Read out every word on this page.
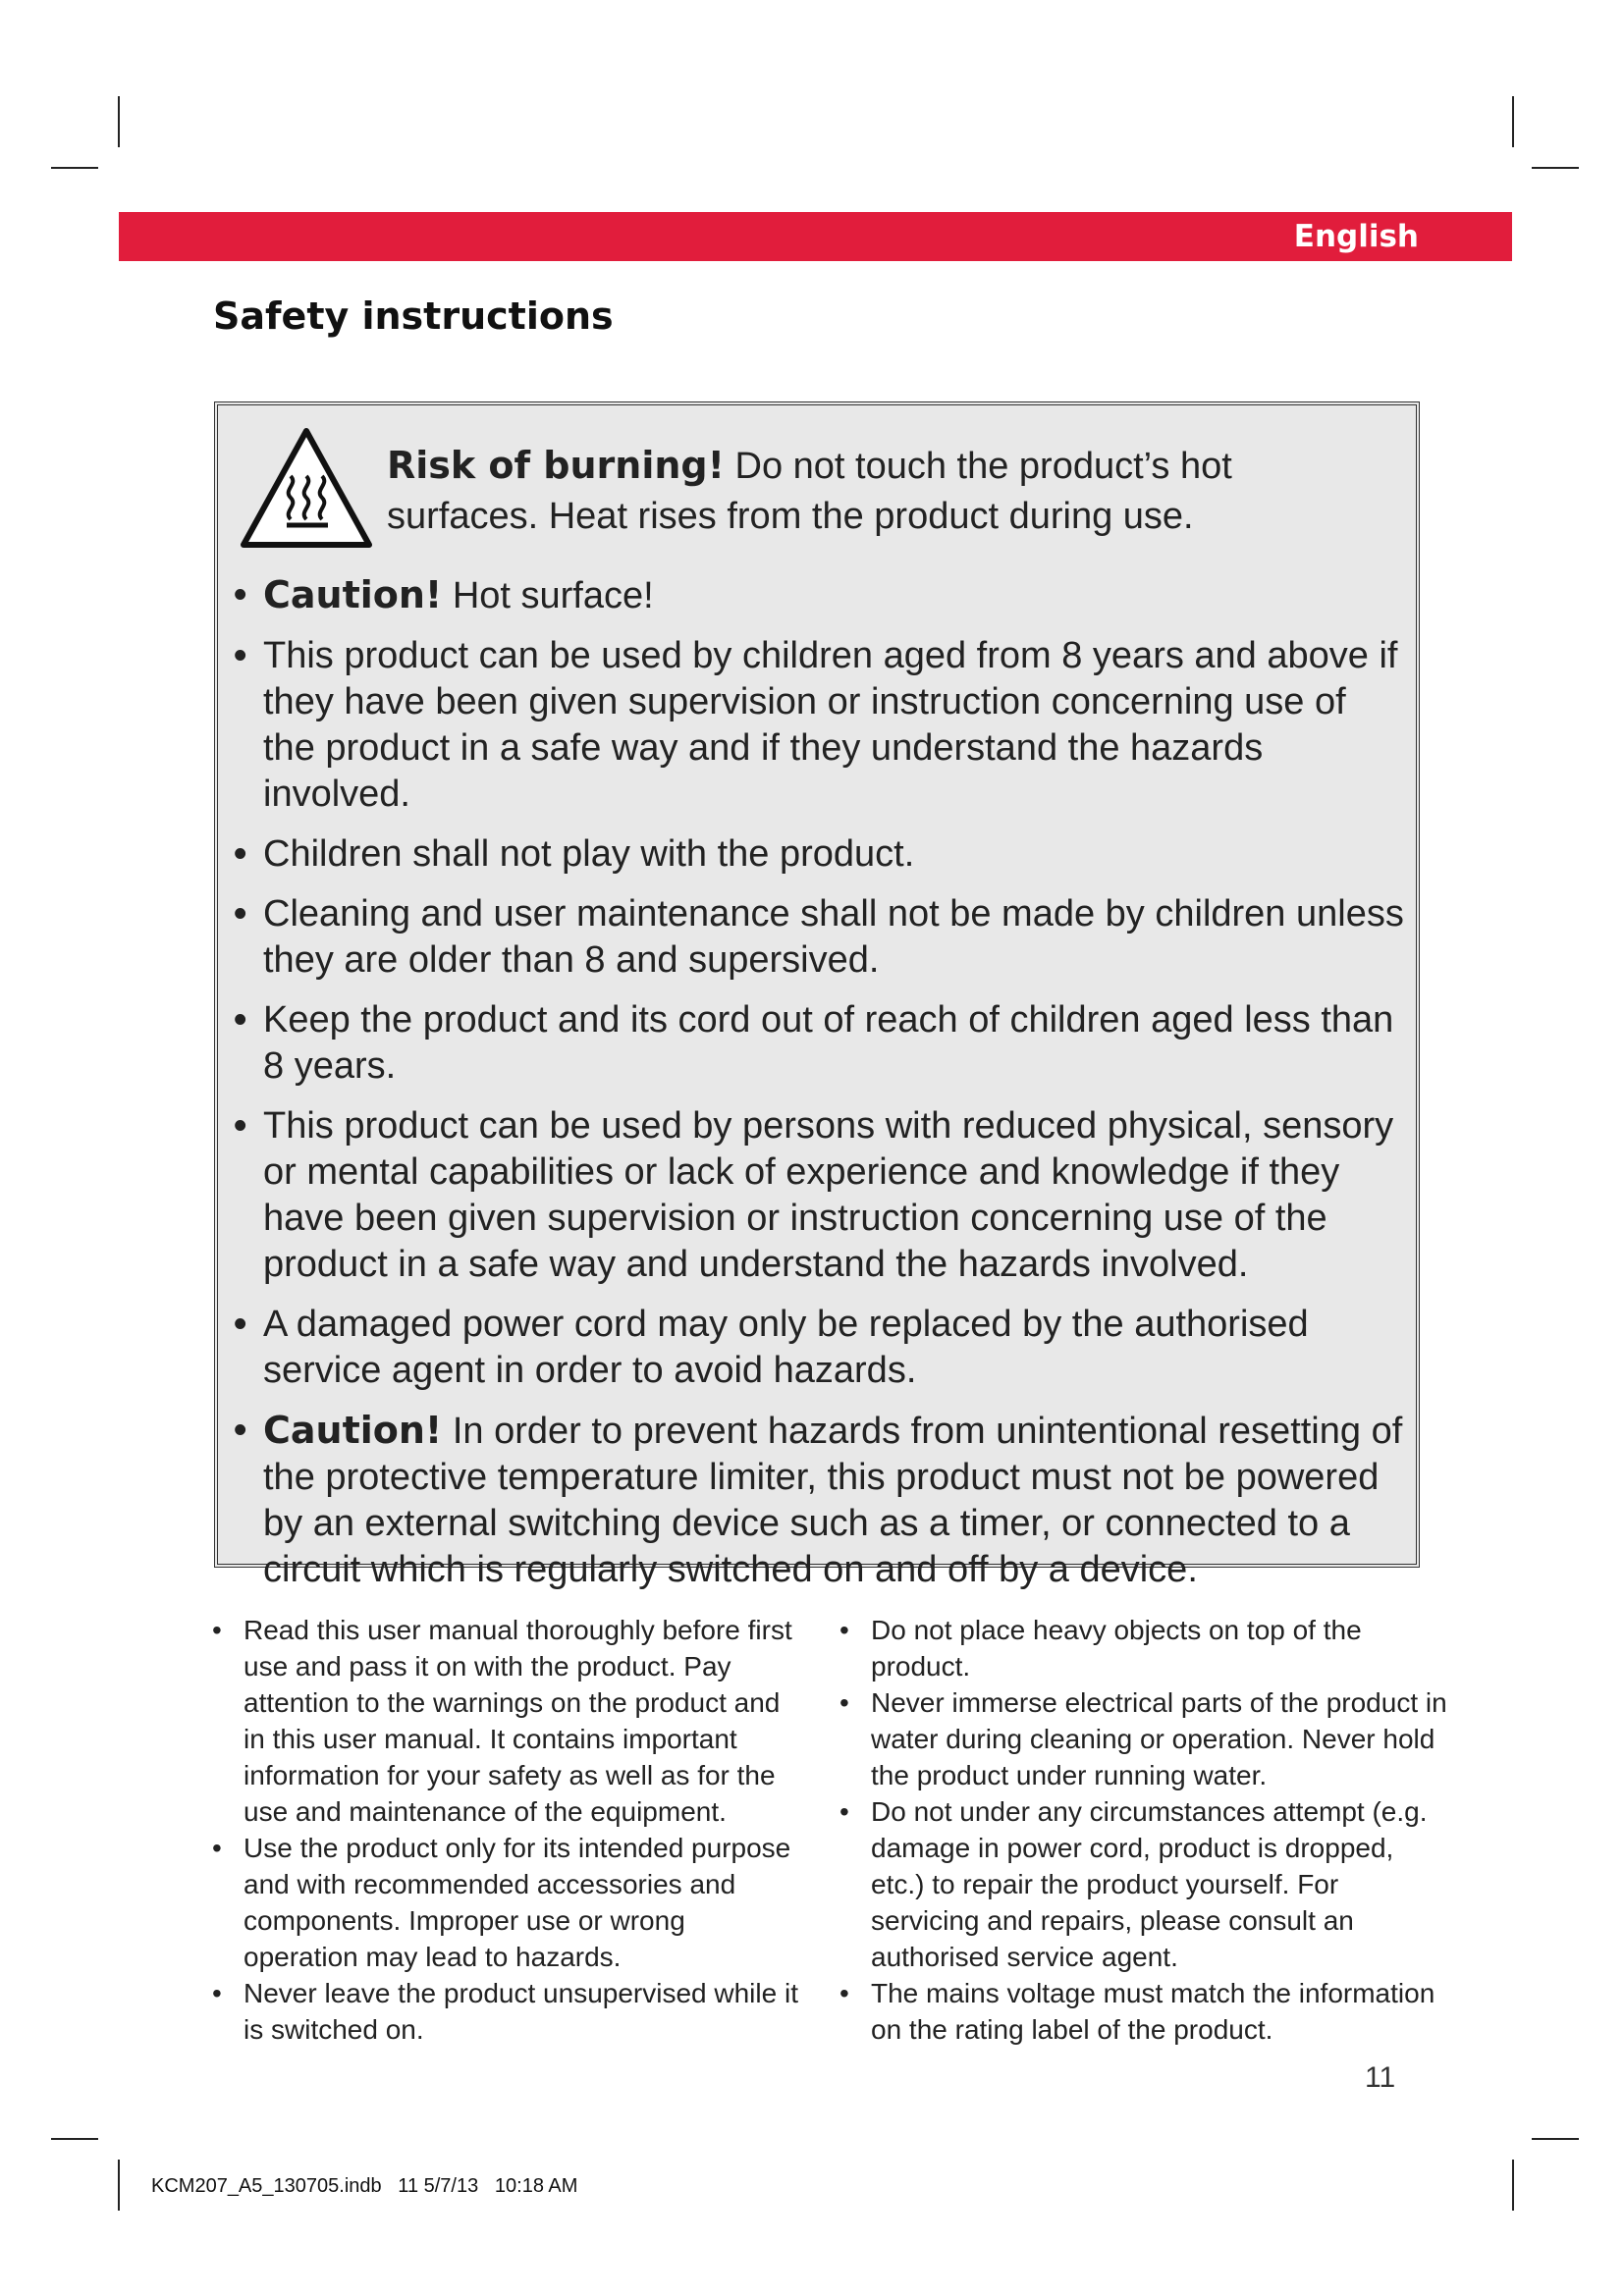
English
Safety instructions
Risk of burning! Do not touch the product’s hot surfaces. Heat rises from the product during use.
• Caution! Hot surface!
• This product can be used by children aged from 8 years and above if they have been given supervision or instruction concerning use of the product in a safe way and if they understand the hazards involved.
• Children shall not play with the product.
• Cleaning and user maintenance shall not be made by children unless they are older than 8 and supersived.
• Keep the product and its cord out of reach of children aged less than 8 years.
• This product can be used by persons with reduced physical, sensory or mental capabilities or lack of experience and knowledge if they have been given supervision or instruction concerning use of the product in a safe way and understand the hazards involved.
• A damaged power cord may only be replaced by the authorised service agent in order to avoid hazards.
• Caution! In order to prevent hazards from unintentional resetting of the protective temperature limiter, this product must not be powered by an external switching device such as a timer, or connected to a circuit which is regularly switched on and off by a device.
• Read this user manual thoroughly before first use and pass it on with the product. Pay attention to the warnings on the product and in this user manual. It contains important information for your safety as well as for the use and maintenance of the equipment.
• Use the product only for its intended purpose and with recommended accessories and components. Improper use or wrong operation may lead to hazards.
• Never leave the product unsupervised while it is switched on.
• Do not place heavy objects on top of the product.
• Never immerse electrical parts of the product in water during cleaning or operation. Never hold the product under running water.
• Do not under any circumstances attempt (e.g. damage in power cord, product is dropped, etc.) to repair the product yourself. For servicing and repairs, please consult an authorised service agent.
• The mains voltage must match the information on the rating label of the product.
11
KCM207_A5_130705.indb   11 5/7/13   10:18 AM
